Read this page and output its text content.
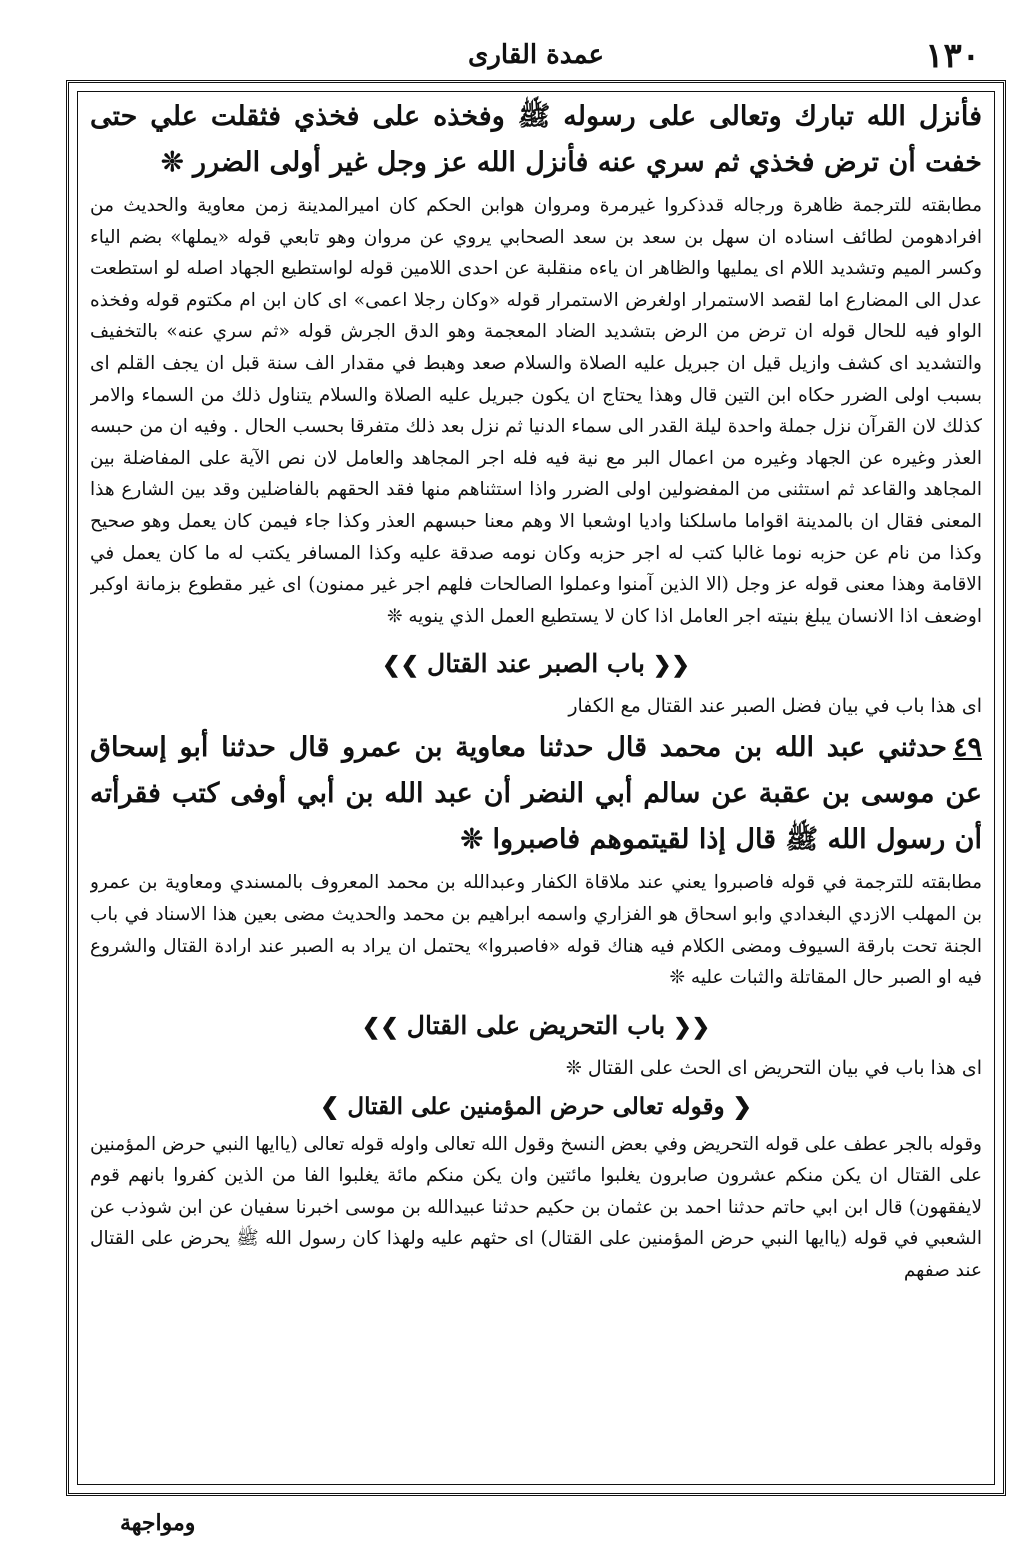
١٣٠
عمدة القارى

فأنزل الله تبارك وتعالى على رسوله ﷺ وفخذه على فخذي فثقلت علي حتى خفت أن ترض فخذي ثم سري عنه فأنزل الله عز وجل غير أولى الضرر ❊

مطابقته للترجمة ظاهرة ورجاله قدذكروا غيرمرة ومروان هوابن الحكم كان اميرالمدينة زمن معاوية والحديث من افرادهومن لطائف اسناده ان سهل بن سعد بن سعد الصحابي يروي عن مروان وهو تابعي قوله «يملها» بضم الياء وكسر الميم وتشديد اللام اى يمليها والظاهر ان ياءه منقلبة عن احدى اللامين قوله لواستطيع الجهاد اصله لو استطعت عدل الى المضارع اما لقصد الاستمرار اولغرض الاستمرار قوله «وكان رجلا اعمى» اى كان ابن ام مكتوم قوله وفخذه الواو فيه للحال قوله ان ترض من الرض بتشديد الضاد المعجمة وهو الدق الجرش قوله «ثم سري عنه» بالتخفيف والتشديد اى كشف وازيل قيل ان جبريل عليه الصلاة والسلام صعد وهبط في مقدار الف سنة قبل ان يجف القلم اى بسبب اولى الضرر حكاه ابن التين قال وهذا يحتاج ان يكون جبريل عليه الصلاة والسلام يتناول ذلك من السماء والامر كذلك لان القرآن نزل جملة واحدة ليلة القدر الى سماء الدنيا ثم نزل بعد ذلك متفرقا بحسب الحال . وفيه ان من حبسه العذر وغيره عن الجهاد وغيره من اعمال البر مع نية فيه فله اجر المجاهد والعامل لان نص الآية على المفاضلة بين المجاهد والقاعد ثم استثنى من المفضولين اولى الضرر واذا استثناهم منها فقد الحقهم بالفاضلين وقد بين الشارع هذا المعنى فقال ان بالمدينة اقواما ماسلكنا واديا اوشعبا الا وهم معنا حبسهم العذر وكذا جاء فيمن كان يعمل وهو صحيح وكذا من نام عن حزبه نوما غالبا كتب له اجر حزبه وكان نومه صدقة عليه وكذا المسافر يكتب له ما كان يعمل في الاقامة وهذا معنى قوله عز وجل (الا الذين آمنوا وعملوا الصالحات فلهم اجر غير ممنون) اى غير مقطوع بزمانة اوكبر اوضعف اذا الانسان يبلغ بنيته اجر العامل اذا كان لا يستطيع العمل الذي ينويه ❊

❮❮باب الصبر عند القتال❯❯

اى هذا باب في بيان فضل الصبر عند القتال مع الكفار

٤٩حدثني عبد الله بن محمد قال حدثنا معاوية بن عمرو قال حدثنا أبو إسحاق عن موسى بن عقبة عن سالم أبي النضر أن عبد الله بن أبي أوفى كتب فقرأته أن رسول الله ﷺ قال إذا لقيتموهم فاصبروا ❊

مطابقته للترجمة في قوله فاصبروا يعني عند ملاقاة الكفار وعبدالله بن محمد المعروف بالمسندي ومعاوية بن عمرو بن المهلب الازدي البغدادي وابو اسحاق هو الفزاري واسمه ابراهيم بن محمد والحديث مضى بعين هذا الاسناد في باب الجنة تحت بارقة السيوف ومضى الكلام فيه هناك قوله «فاصبروا» يحتمل ان يراد به الصبر عند ارادة القتال والشروع فيه او الصبر حال المقاتلة والثبات عليه ❊

❮❮باب التحريض على القتال❯❯

اى هذا باب في بيان التحريض اى الحث على القتال ❊

❮ وقوله تعالى حرض المؤمنين على القتال ❯

وقوله بالجر عطف على قوله التحريض وفي بعض النسخ وقول الله تعالى واوله قوله تعالى (ياايها النبي حرض المؤمنين على القتال ان يكن منكم عشرون صابرون يغلبوا مائتين وان يكن منكم مائة يغلبوا الفا من الذين كفروا بانهم قوم لايفقهون) قال ابن ابي حاتم حدثنا احمد بن عثمان بن حكيم حدثنا عبيدالله بن موسى اخبرنا سفيان عن ابن شوذب عن الشعبي في قوله (ياايها النبي حرض المؤمنين على القتال) اى حثهم عليه ولهذا كان رسول الله ﷺ يحرض على القتال عند صفهم

ومواجهة
